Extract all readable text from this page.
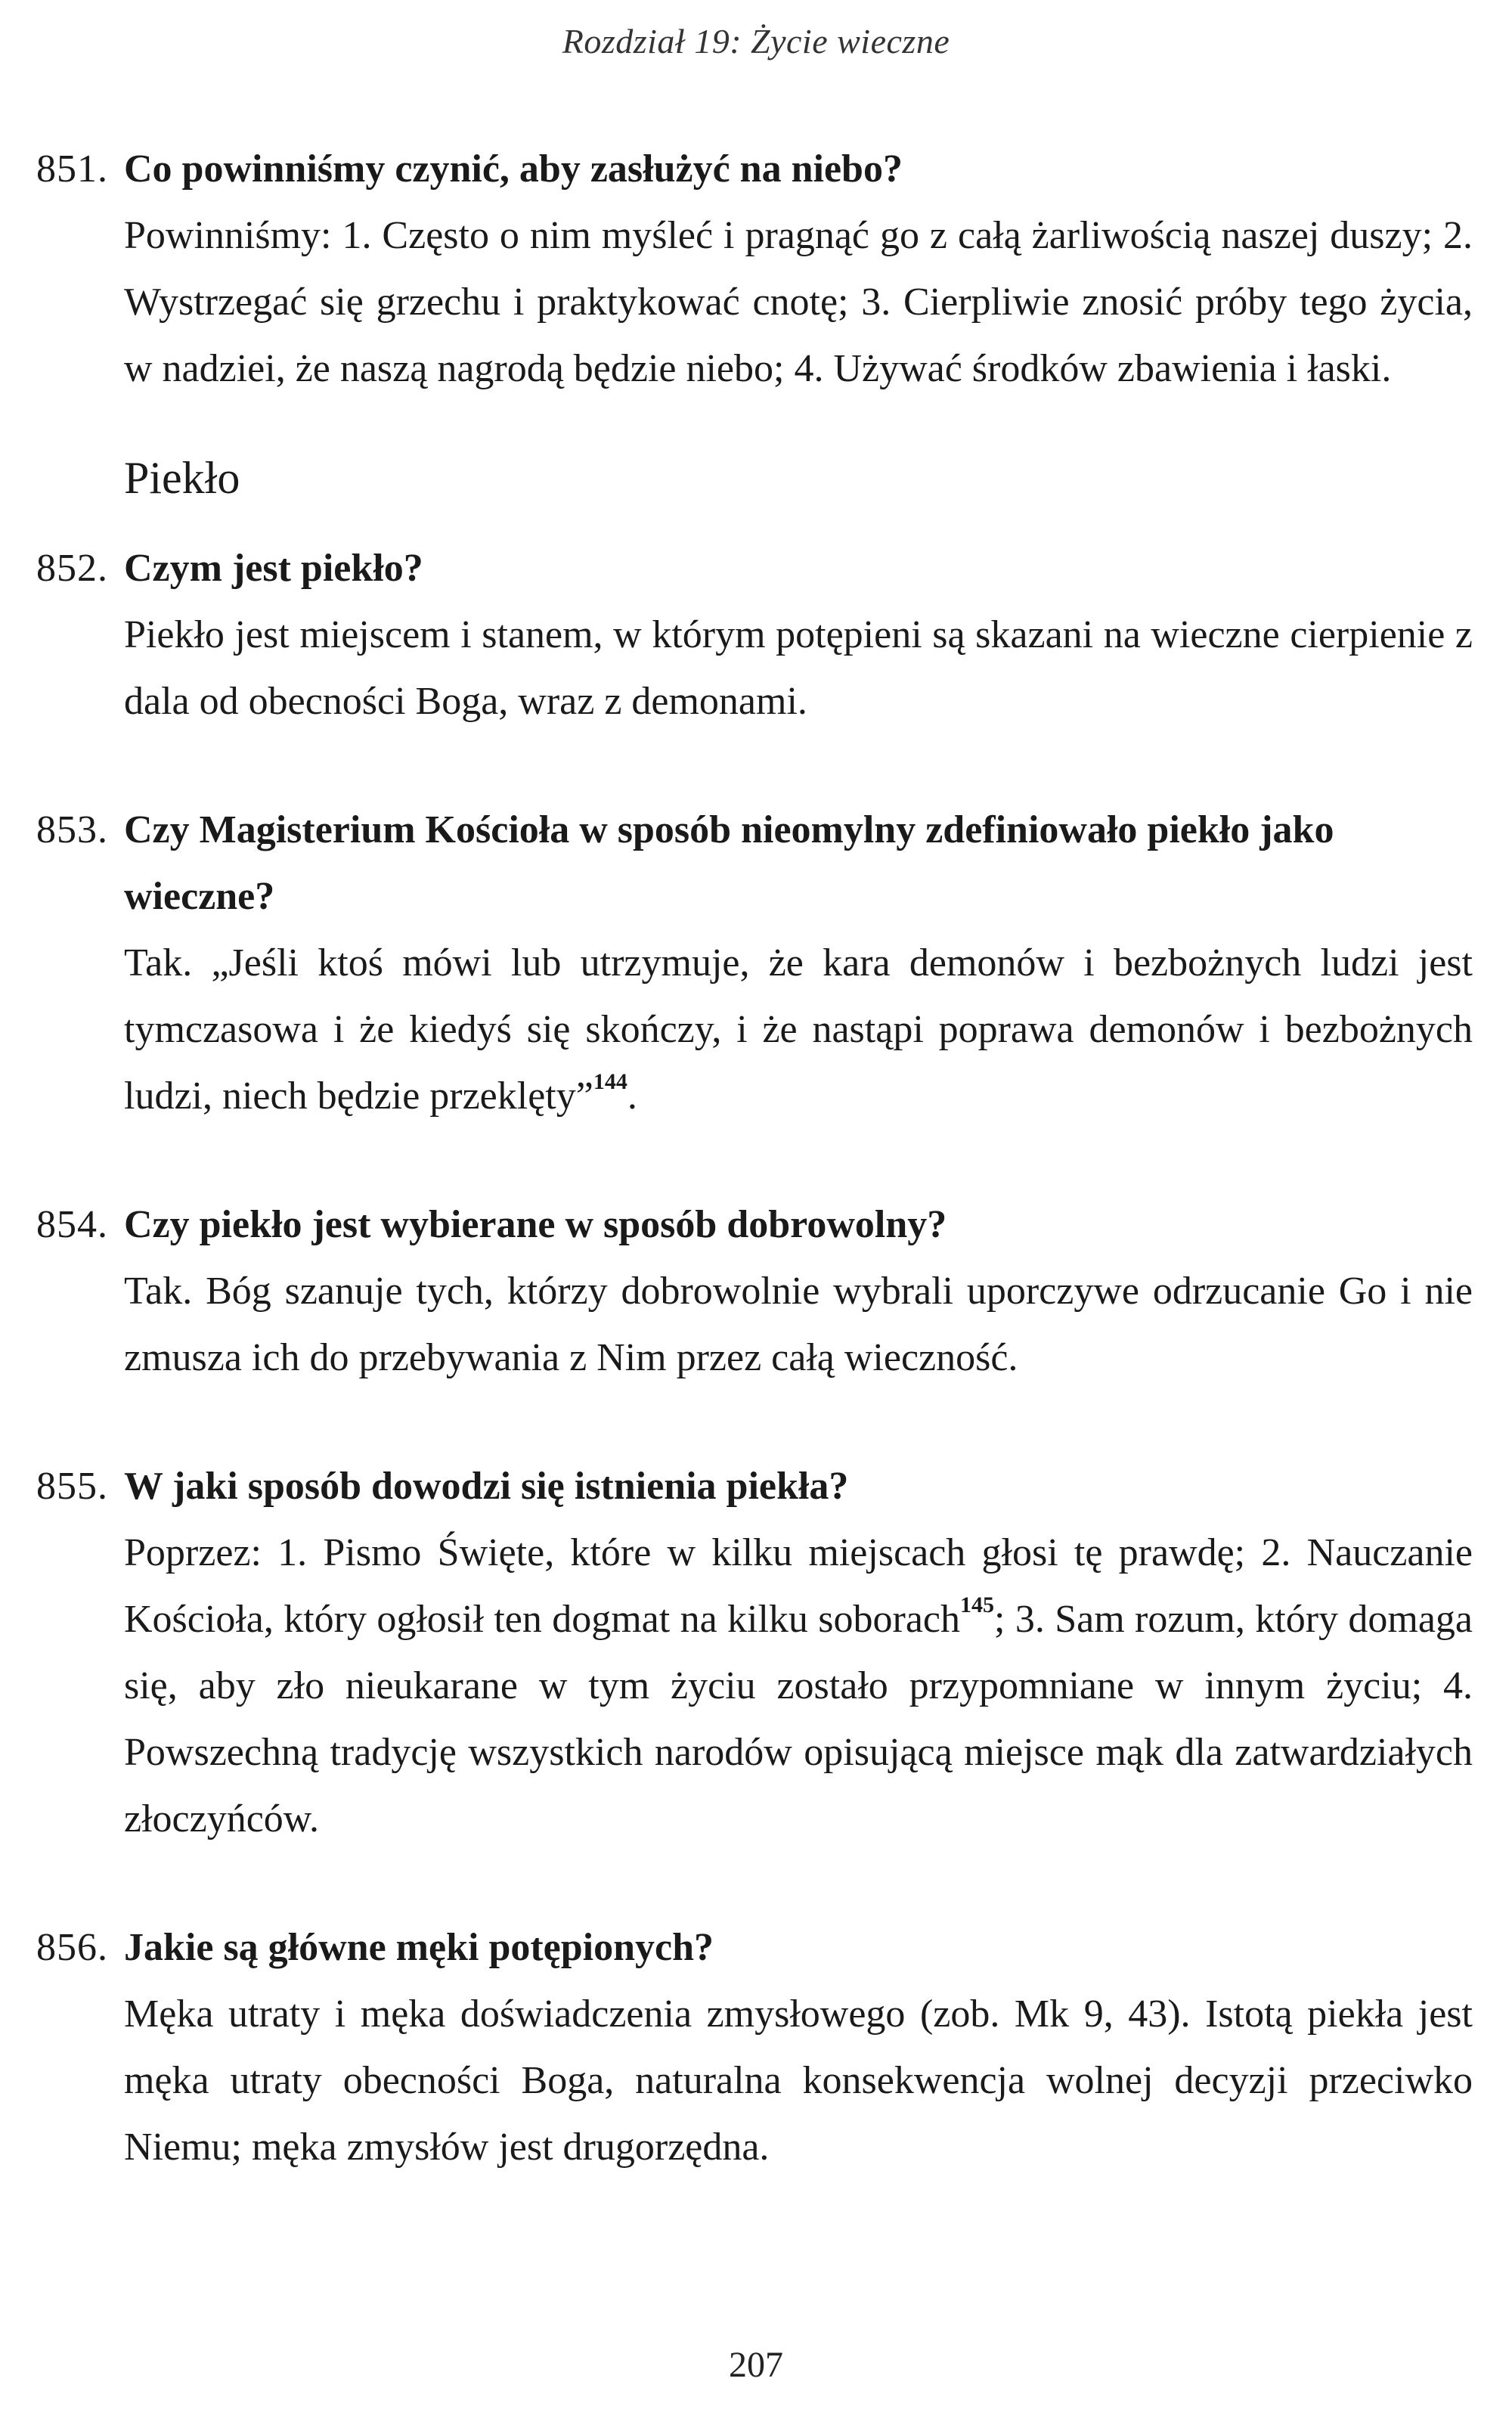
Rozdział 19: Życie wieczne

851. Co powinniśmy czynić, aby zasłużyć na niebo?

Powinniśmy: 1. Często o nim myśleć i pragnąć go z całą żarliwością naszej duszy; 2. Wystrzegać się grzechu i praktykować cnotę; 3. Cierpliwie znosić próby tego życia, w nadziei, że naszą nagrodą będzie niebo; 4. Używać środków zbawienia i łaski.

Piekło

852. Czym jest piekło?

Piekło jest miejscem i stanem, w którym potępieni są skazani na wieczne cierpienie z dala od obecności Boga, wraz z demonami.

853. Czy Magisterium Kościoła w sposób nieomylny zdefiniowało piekło jako wieczne?

Tak. „Jeśli ktoś mówi lub utrzymuje, że kara demonów i bezbożnych ludzi jest tymczasowa i że kiedyś się skończy, i że nastąpi poprawa demonów i bezbożnych ludzi, niech będzie przeklęty”$^{144}$.

854. Czy piekło jest wybierane w sposób dobrowolny?

Tak. Bóg szanuje tych, którzy dobrowolnie wybrali uporczywe odrzucanie Go i nie zmusza ich do przebywania z Nim przez całą wieczność.

855. W jaki sposób dowodzi się istnienia piekła?

Poprzez: 1. Pismo Święte, które w kilku miejscach głosi tę prawdę; 2. Nauczanie Kościoła, który ogłosił ten dogmat na kilku soborach$^{145}$; 3. Sam rozum, który domaga się, aby zło nieukarane w tym życiu zostało przypomniane w innym życiu; 4. Powszechną tradycję wszystkich narodów opisującą miejsce mąk dla zatwardziałych złoczyńców.

856. Jakie są główne męki potępionych?

Męka utraty i męka doświadczenia zmysłowego (zob. Mk 9, 43). Istotą piekła jest męka utraty obecności Boga, naturalna konsekwencja wolnej decyzji przeciwko Niemu; męka zmysłów jest drugorzędna.

207
